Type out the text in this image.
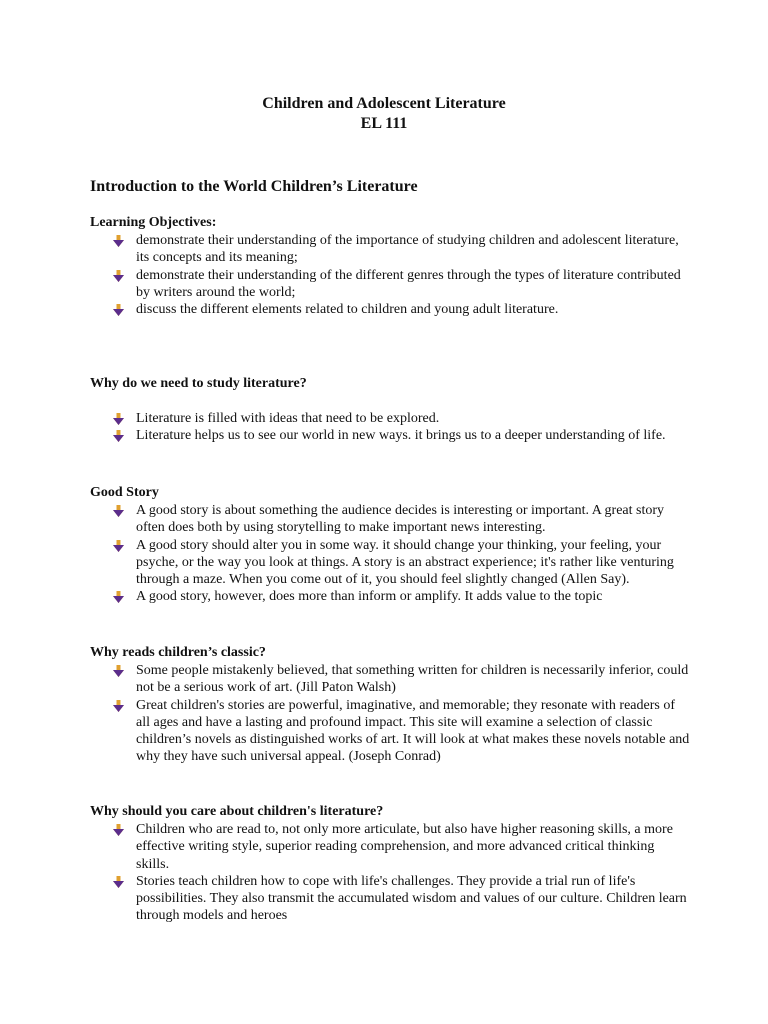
Children and Adolescent Literature
EL 111
Introduction to the World Children’s Literature

Learning Objectives:

demonstrate their understanding of the importance of studying children and adolescent literature, its concepts and its meaning;
demonstrate their understanding of the different genres through the types of literature contributed by writers around the world;
discuss the different elements related to children and young adult literature.

Why do we need to study literature?

Literature is filled with ideas that need to be explored.
Literature helps us to see our world in new ways. it brings us to a deeper understanding of life.

Good Story

A good story is about something the audience decides is interesting or important. A great story often does both by using storytelling to make important news interesting.
A good story should alter you in some way. it should change your thinking, your feeling, your psyche, or the way you look at things. A story is an abstract experience; it's rather like venturing through a maze. When you come out of it, you should feel slightly changed (Allen Say).
A good story, however, does more than inform or amplify. It adds value to the topic

Why reads children’s classic?

Some people mistakenly believed, that something written for children is necessarily inferior, could not be a serious work of art. (Jill Paton Walsh)
Great children's stories are powerful, imaginative, and memorable; they resonate with readers of all ages and have a lasting and profound impact. This site will examine a selection of classic children’s novels as distinguished works of art. It will look at what makes these novels notable and why they have such universal appeal. (Joseph Conrad)

Why should you care about children's literature?

Children who are read to, not only more articulate, but also have higher reasoning skills, a more effective writing style, superior reading comprehension, and more advanced critical thinking skills.
Stories teach children how to cope with life's challenges. They provide a trial run of life's possibilities. They also transmit the accumulated wisdom and values of our culture. Children learn through models and heroes
